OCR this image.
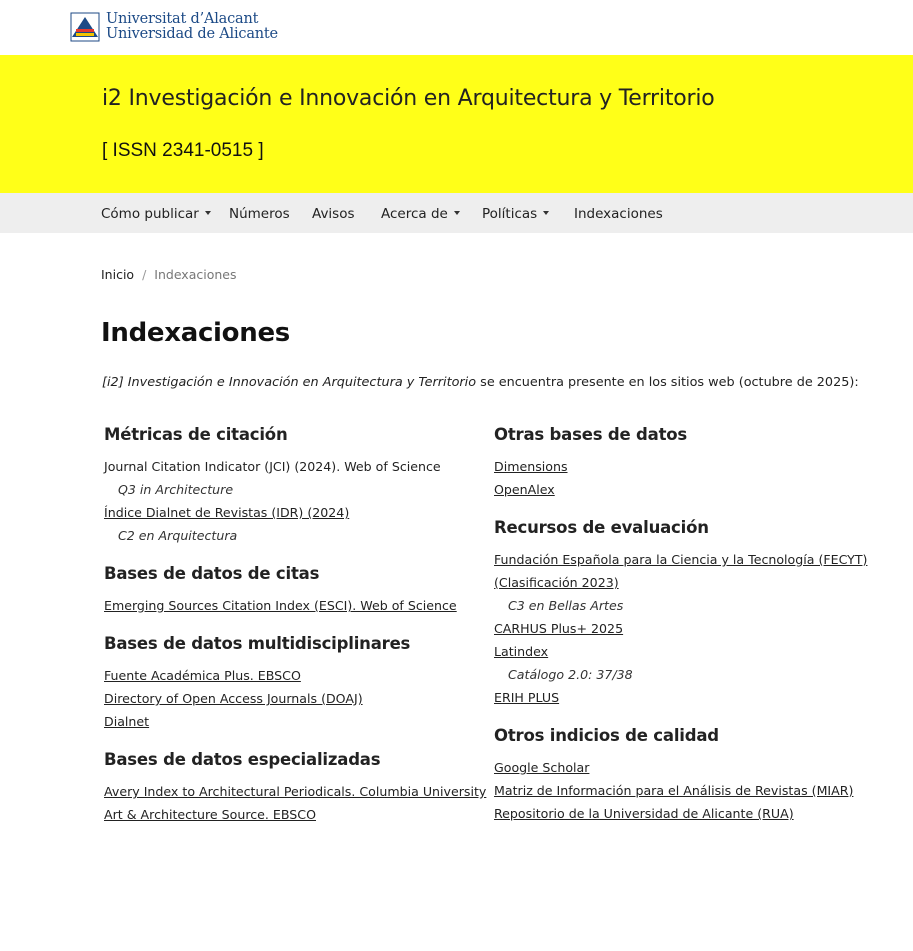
Universitat d’Alacant
Universidad de Alicante
i2 Investigación e Innovación en Arquitectura y Territorio
[ ISSN 2341-0515 ]
Cómo publicar	Números Avisos Acerca de	Políticas	Indexaciones
Inicio / Indexaciones
Indexaciones
[i2] Investigación e Innovación en Arquitectura y Territorio se encuentra presente en los sitios web (octubre de 2025):
Métricas de citación
Journal Citation Indicator (JCI) (2024). Web of Science
Q3 in Architecture
Índice Dialnet de Revistas (IDR) (2024)
C2 en Arquitectura
Bases de datos de citas
Emerging Sources Citation Index (ESCI). Web of Science
Bases de datos multidisciplinares
Fuente Académica Plus. EBSCO
Directory of Open Access Journals (DOAJ)
Dialnet
Bases de datos especializadas
Avery Index to Architectural Periodicals. Columbia University
Art & Architecture Source. EBSCO
Otras bases de datos
Dimensions
OpenAlex
Recursos de evaluación
Fundación Española para la Ciencia y la Tecnología (FECYT)
(Clasificación 2023)
C3 en Bellas Artes
CARHUS Plus+ 2025
Latindex
Catálogo 2.0: 37/38
ERIH PLUS
Otros indicios de calidad
Google Scholar
Matriz de Información para el Análisis de Revistas (MIAR)
Repositorio de la Universidad de Alicante (RUA)
